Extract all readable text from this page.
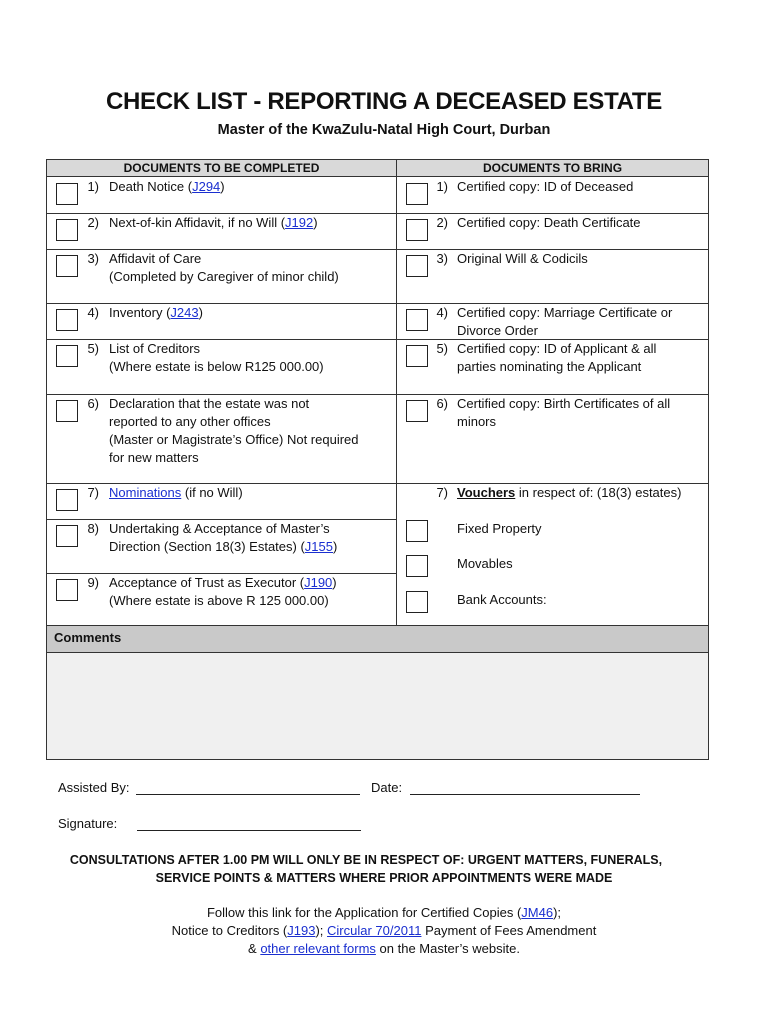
CHECK LIST - REPORTING A DECEASED ESTATE
Master of the KwaZulu-Natal High Court, Durban
DOCUMENTS TO BE COMPLETED	DOCUMENTS TO BRING
1) Death Notice (J294)
2) Next-of-kin Affidavit, if no Will (J192)
3) Affidavit of Care
(Completed by Caregiver of minor child)
4) Inventory (J243)
5) List of Creditors
(Where estate is below R125 000.00)
6) Declaration that the estate was not
reported to any other offices
(Master or Magistrate’s Office) Not required
for new matters
7) Nominations (if no Will)
8) Undertaking & Acceptance of Master’s
Direction (Section 18(3) Estates) (J155)
9) Acceptance of Trust as Executor (J190)
(Where estate is above R 125 000.00)
1) Certified copy: ID of Deceased
2) Certified copy: Death Certificate
3) Original Will & Codicils
4) Certified copy: Marriage Certificate or
Divorce Order
5) Certified copy: ID of Applicant & all
parties nominating the Applicant
6) Certified copy: Birth Certificates of all
minors
7) Vouchers in respect of: (18(3) estates)
Fixed Property
Movables
Bank Accounts:
Comments
Assisted By:	Date:
Signature:
CONSULTATIONS AFTER 1.00 PM WILL ONLY BE IN RESPECT OF: URGENT MATTERS, FUNERALS,
SERVICE POINTS & MATTERS WHERE PRIOR APPOINTMENTS WERE MADE
Follow this link for the Application for Certified Copies (JM46);
Notice to Creditors (J193); Circular 70/2011 Payment of Fees Amendment
& other relevant forms on the Master’s website.
